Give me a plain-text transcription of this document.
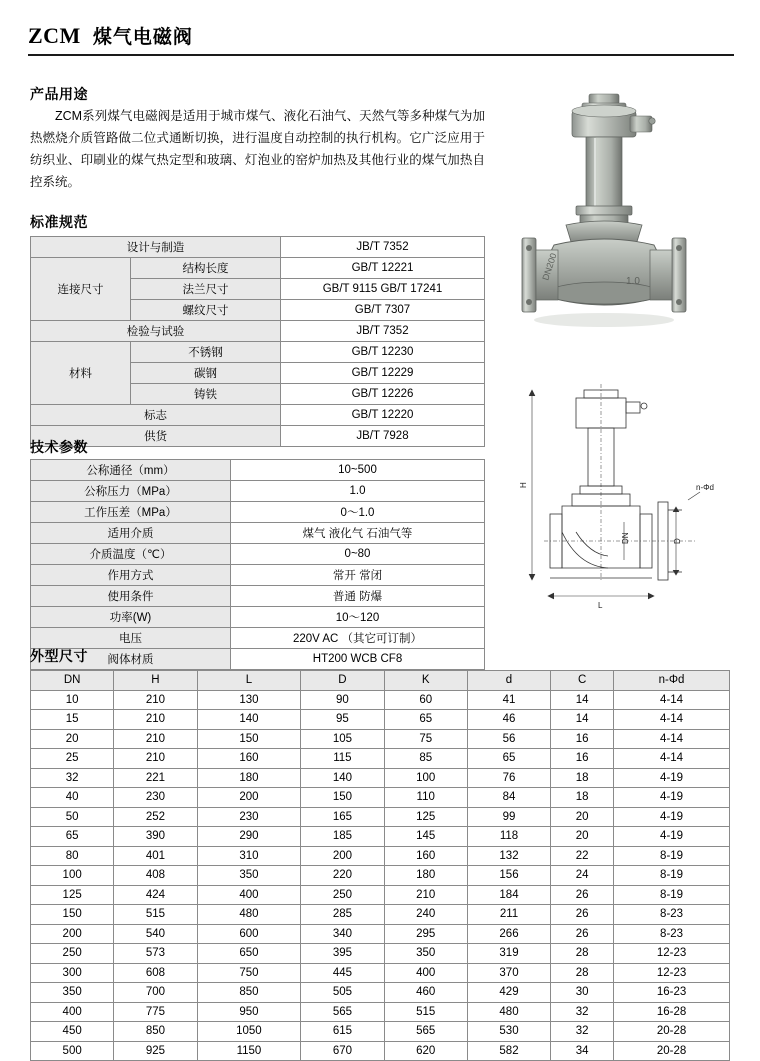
ZCM 煤气电磁阀
产品用途
ZCM系列煤气电磁阀是适用于城市煤气、液化石油气、天然气等多种煤气为加热燃烧介质管路做二位式通断切换，进行温度自动控制的执行机构。它广泛应用于纺织业、印刷业的煤气热定型和玻璃、灯泡业的窑炉加热及其他行业的煤气加热自控系统。
标准规范
设计与制造		JB/T 7352
连接尺寸	结构长度	GB/T 12221
	法兰尺寸	GB/T 9115 GB/T 17241
	螺纹尺寸	GB/T 7307
检验与试验		JB/T 7352
材料	不锈钢	GB/T 12230
	碳钢	GB/T 12229
	铸铁	GB/T 12226
标志		GB/T 12220
供货		JB/T 7928
技术参数
公称通径（mm）	10~500
公称压力（MPa）	1.0
工作压差（MPa）	0～1.0
适用介质	煤气 液化气 石油气等
介质温度（℃）	0~80
作用方式	常开 常闭
使用条件	普通 防爆
功率(W)	10～120
电压	220V AC （其它可订制）
阀体材质	HT200 WCB CF8
外型尺寸
DN	H	L	D	K	d	C	n-Φd
10	210	130	90	60	41	14	4-14
15	210	140	95	65	46	14	4-14
20	210	150	105	75	56	16	4-14
25	210	160	115	85	65	16	4-14
32	221	180	140	100	76	18	4-19
40	230	200	150	110	84	18	4-19
50	252	230	165	125	99	20	4-19
65	390	290	185	145	118	20	4-19
80	401	310	200	160	132	22	8-19
100	408	350	220	180	156	24	8-19
125	424	400	250	210	184	26	8-19
150	515	480	285	240	211	26	8-23
200	540	600	340	295	266	26	8-23
250	573	650	395	350	319	28	12-23
300	608	750	445	400	370	28	12-23
350	700	850	505	460	429	30	16-23
400	775	950	565	515	480	32	16-28
450	850	1050	615	565	530	32	20-28
500	925	1150	670	620	582	34	20-28
DN200	1.0
H
L
DN	D
n-Φd
